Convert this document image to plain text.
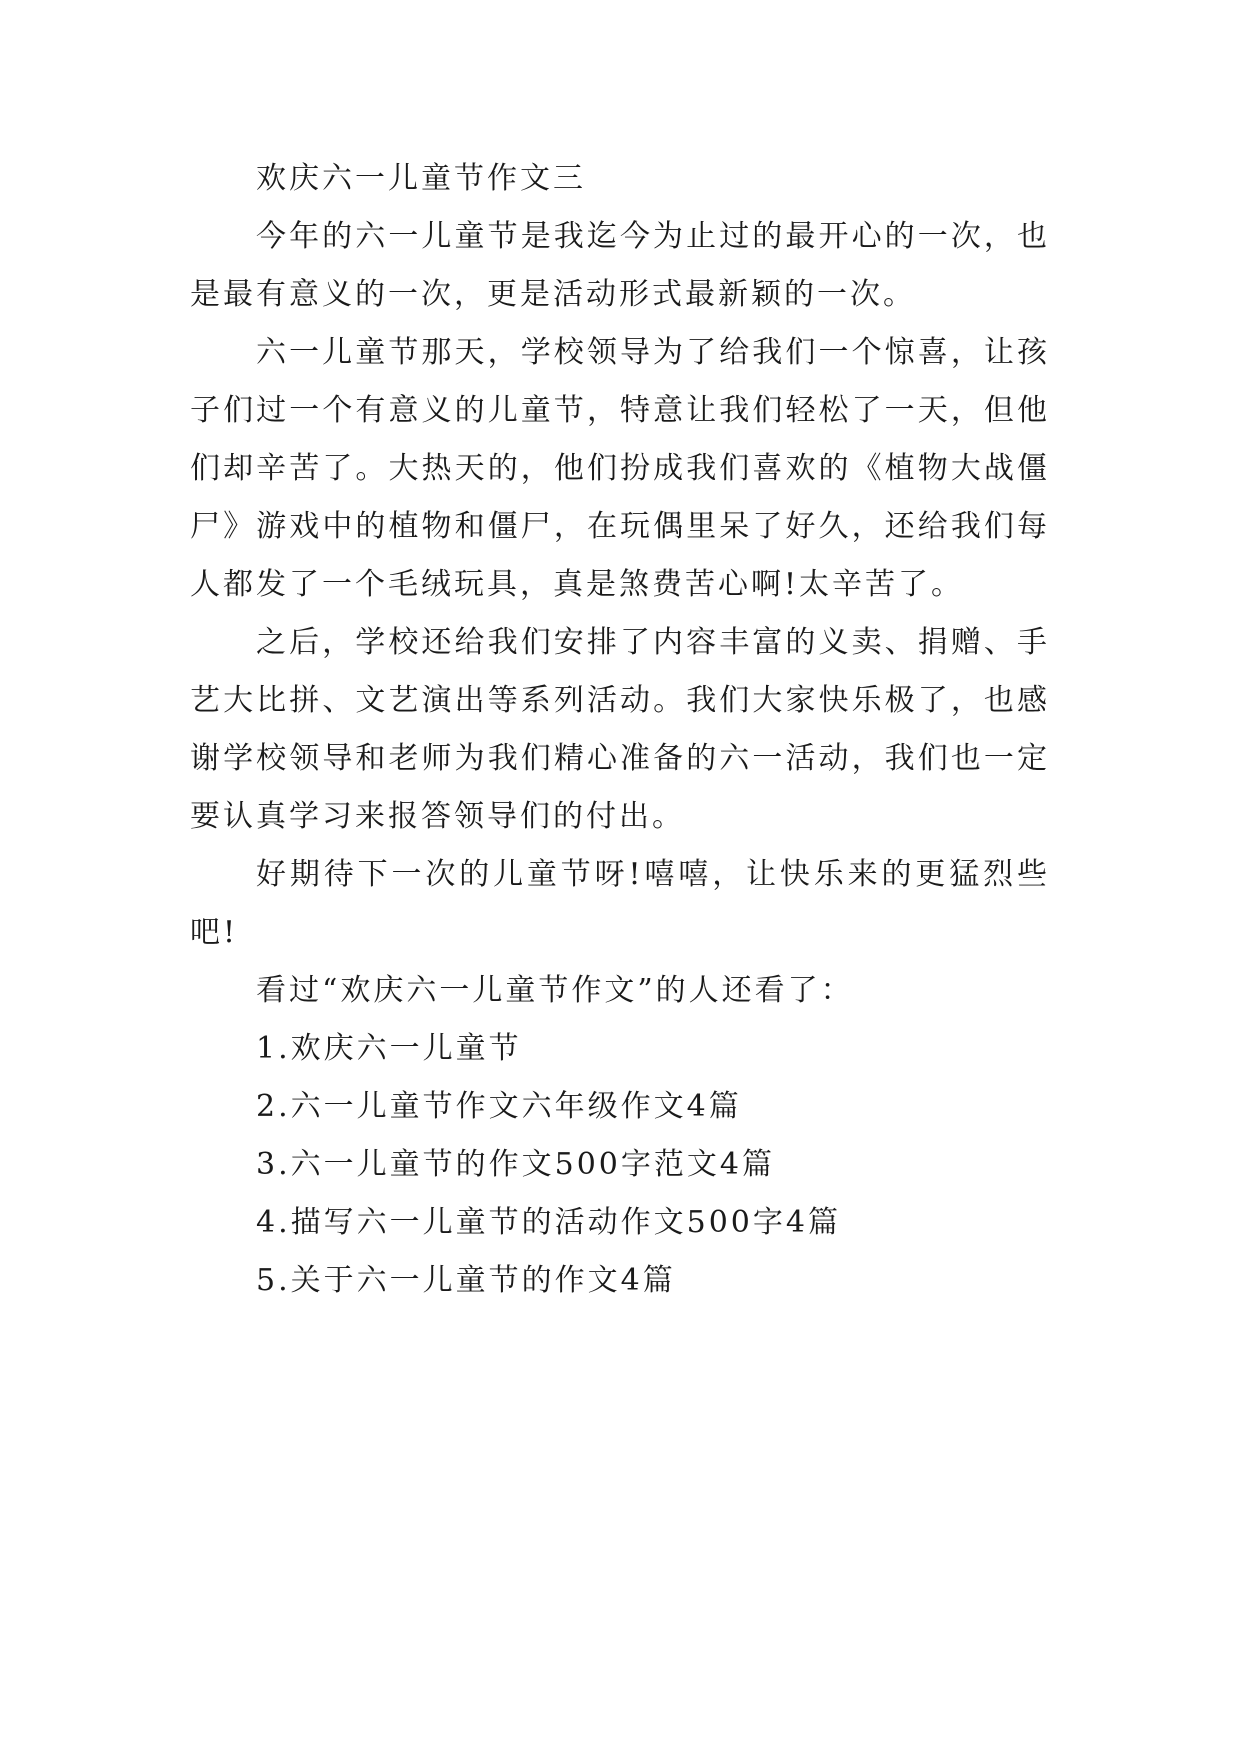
欢庆六一儿童节作文三

今年的六一儿童节是我迄今为止过的最开心的一次，也是最有意义的一次，更是活动形式最新颖的一次。

六一儿童节那天，学校领导为了给我们一个惊喜，让孩子们过一个有意义的儿童节，特意让我们轻松了一天，但他们却辛苦了。大热天的，他们扮成我们喜欢的《植物大战僵尸》游戏中的植物和僵尸，在玩偶里呆了好久，还给我们每人都发了一个毛绒玩具，真是煞费苦心啊!太辛苦了。

之后，学校还给我们安排了内容丰富的义卖、捐赠、手艺大比拼、文艺演出等系列活动。我们大家快乐极了，也感谢学校领导和老师为我们精心准备的六一活动，我们也一定要认真学习来报答领导们的付出。

好期待下一次的儿童节呀!嘻嘻，让快乐来的更猛烈些吧!

看过“欢庆六一儿童节作文”的人还看了：

1.欢庆六一儿童节
2.六一儿童节作文六年级作文4篇
3.六一儿童节的作文500字范文4篇
4.描写六一儿童节的活动作文500字4篇
5.关于六一儿童节的作文4篇
